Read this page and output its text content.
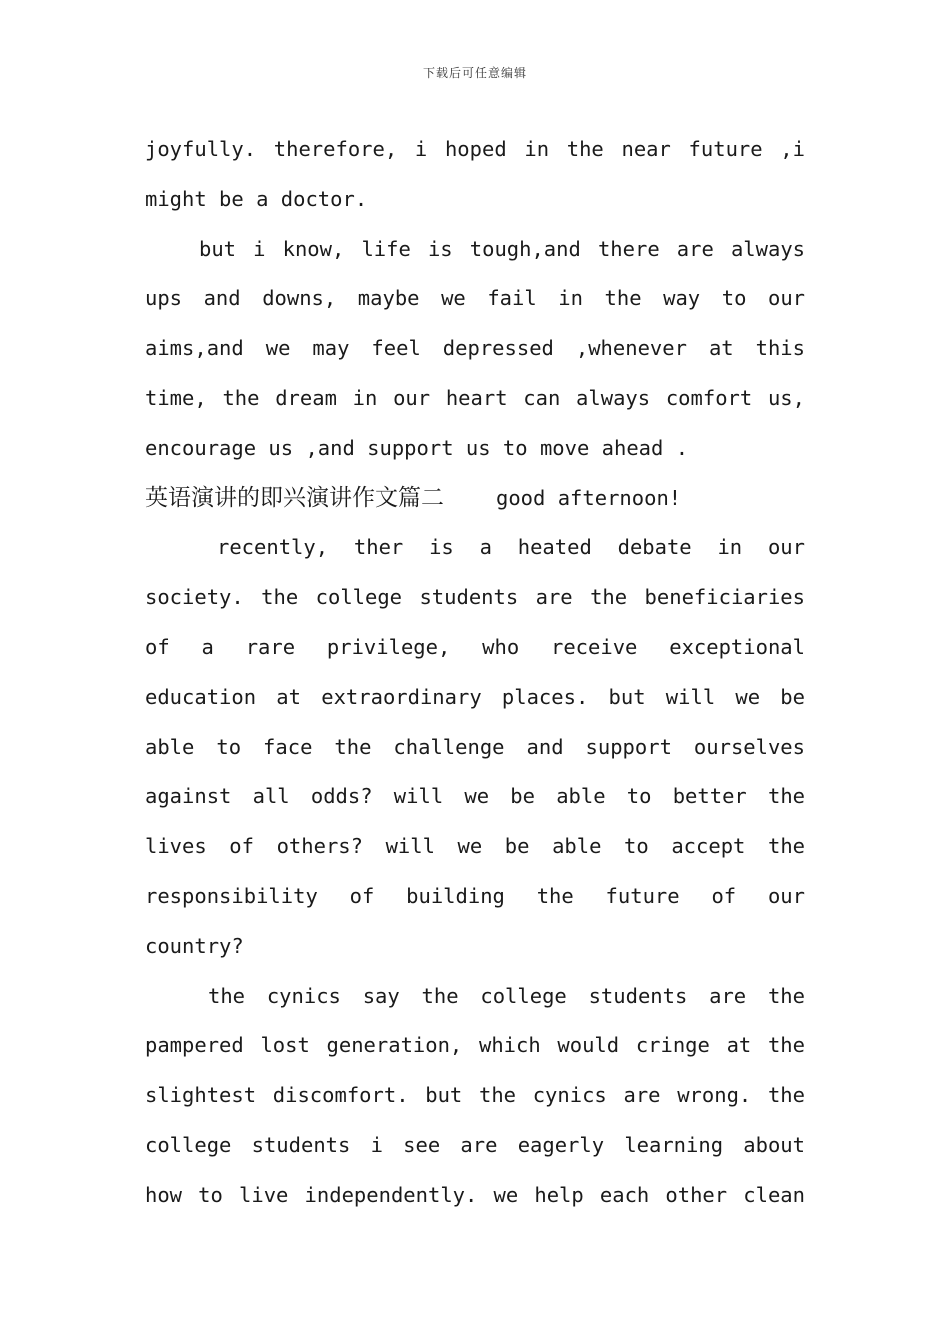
下载后可任意编辑
joyfully. therefore, i hoped in the near future ,i
might be a doctor.
but i know, life is tough,and there are always
ups and downs, maybe we fail in the way to our
aims,and we may feel depressed ,whenever at this
time, the dream in our heart can always comfort us,
encourage us ,and support us to move ahead .
英语演讲的即兴演讲作文篇二	good afternoon!
recently, ther is a heated debate in our
society. the college students are the beneficiaries
of a rare privilege, who receive exceptional
education at extraordinary places. but will we be
able to face the challenge and support ourselves
against all odds? will we be able to better the
lives of others? will we be able to accept the
responsibility of building the future of our
country?
the cynics say the college students are the
pampered lost generation, which would cringe at the
slightest discomfort. but the cynics are wrong. the
college students i see are eagerly learning about
how to live independently. we help each other clean
